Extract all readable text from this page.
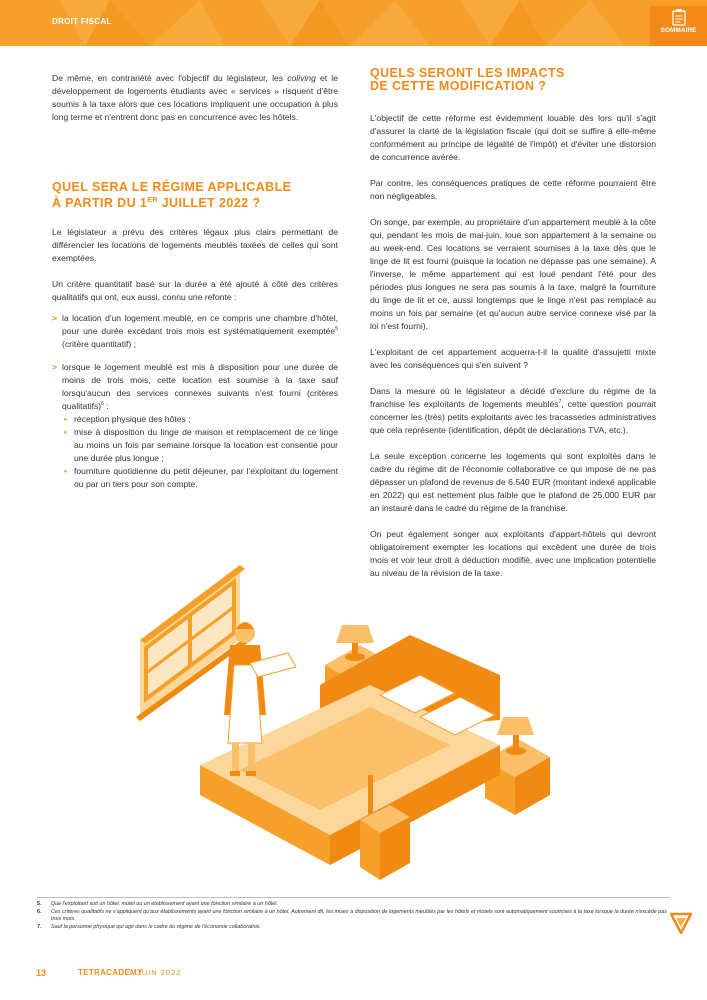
DROIT FISCAL
SOMMAIRE

De même, en contrariété avec l'objectif du législateur, les coliving et le développement de logements étudiants avec « services » risquent d'être soumis à la taxe alors que ces locations impliquent une occupation à plus long terme et n'entrent donc pas en concurrence avec les hôtels.

QUEL SERA LE RÉGIME APPLICABLE
À PARTIR DU 1ER JUILLET 2022 ?

Le législateur a prévu des critères légaux plus clairs permettant de différencier les locations de logements meublés taxées de celles qui sont exemptées.

Un critère quantitatif basé sur la durée a été ajouté à côté des critères qualitatifs qui ont, eux aussi, connu une refonte :

> la location d'un logement meublé, en ce compris une chambre d'hôtel, pour une durée excédant trois mois est systématiquement exemptée$^5$ (critère quantitatif) ;

> lorsque le logement meublé est mis à disposition pour une durée de moins de trois mois, cette location est soumise à la taxe sauf lorsqu'aucun des services connexes suivants n'est fourni (critères qualitatifs)$^6$ :

• réception physique des hôtes ;

• mise à disposition du linge de maison et remplacement de ce linge au moins un fois par semaine lorsque la location est consentie pour une durée plus longue ;

• fourniture quotidienne du petit déjeuner, par l'exploitant du logement ou par un tiers pour son compte.

QUELS SERONT LES IMPACTS
DE CETTE MODIFICATION ?

L'objectif de cette réforme est évidemment louable dès lors qu'il s'agit d'assurer la clarté de la législation fiscale (qui doit se suffire à elle-même conformément au principe de légalité de l'impôt) et d'éviter une distorsion de concurrence avérée.

Par contre, les conséquences pratiques de cette réforme pourraient être non négligeables.

On songe, par exemple, au propriétaire d'un appartement meublé à la côte qui, pendant les mois de mai-juin, loue son appartement à la semaine ou au week-end. Ces locations se verraient soumises à la taxe dès que le linge de lit est fourni (puisque la location ne dépasse pas une semaine). A l'inverse, le même appartement qui est loué pendant l'été pour des périodes plus longues ne sera pas soumis à la taxe, malgré la fourniture du linge de lit et ce, aussi longtemps que le linge n'est pas remplacé au moins un fois par semaine (et qu'aucun autre service connexe visé par la loi n'est fourni).

L'exploitant de cet appartement acquerra-t-il la qualité d'assujetti mixte avec les conséquences qui s'en suivent ?

Dans la mesure où le législateur a décidé d'exclure du régime de la franchise les exploitants de logements meublés$^7$, cette question pourrait concerner les (très) petits exploitants avec les tracasseries administratives que cela représente (identification, dépôt de déclarations TVA, etc.).

La seule exception concerne les logements qui sont exploités dans le cadre du régime dit de l'économie collaborative ce qui impose de ne pas dépasser un plafond de revenus de 6.540 EUR (montant indexé applicable en 2022) qui est nettement plus faible que le plafond de 25.000 EUR par an instauré dans le cadre du régime de la franchise.

On peut également songer aux exploitants d'appart-hôtels qui devront obligatoirement exempter les locations qui excèdent une durée de trois mois et voir leur droit à déduction modifié, avec une implication potentielle au niveau de la révision de la taxe.

5. Que l'exploitant soit un hôtel, motel ou un établissement ayant une fonction similaire à un hôtel.
6. Ces critères qualitatifs ne s'appliquent qu'aux établissements ayant une fonction similaire à un hôtel. Autrement dit, les mises à disposition de logements meublés par les hôtels et motels sont automatiquement soumises à la taxe lorsque la durée n'excède pas trois mois.
7. Sauf la personne physique qui agit dans le cadre du régime de l'économie collaborative.
13	TETRACADEMY
JUIN 2022
